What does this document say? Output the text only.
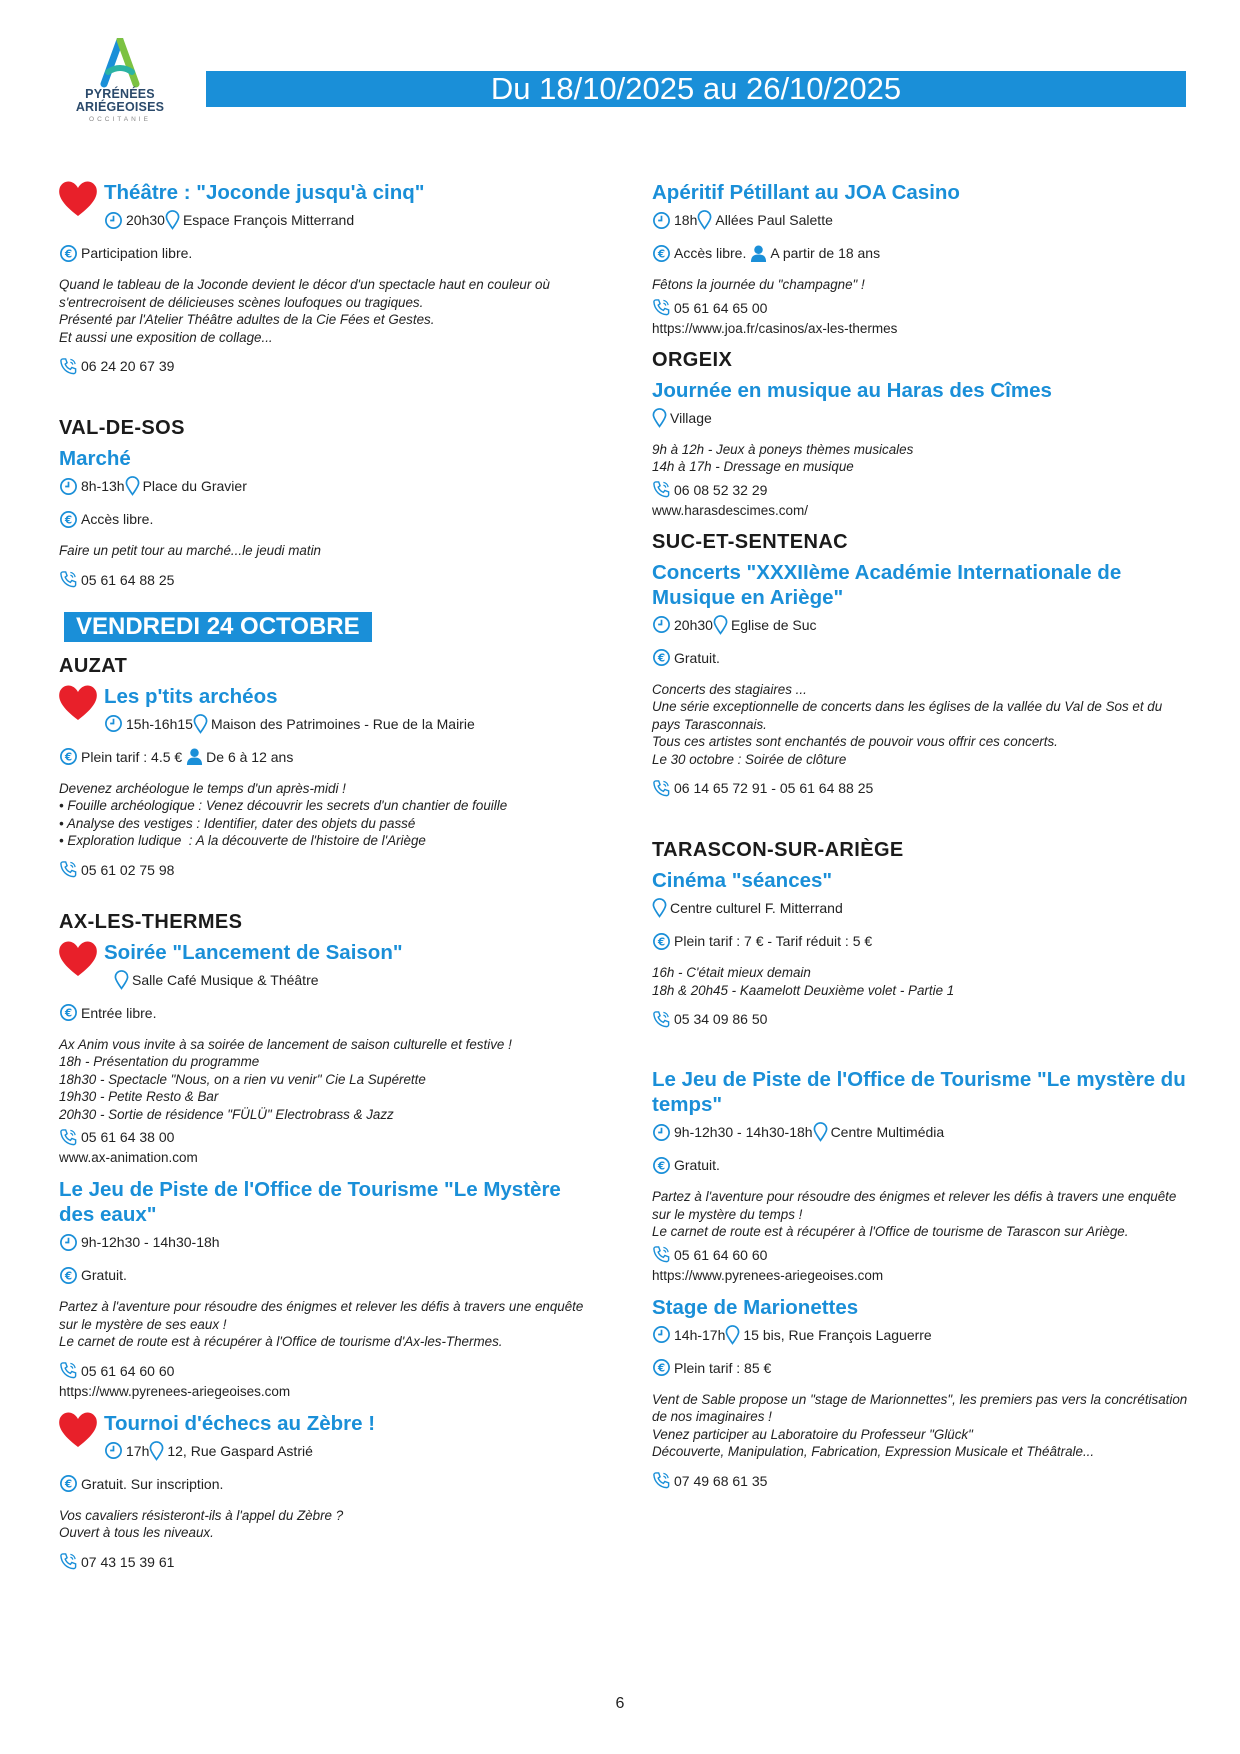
PYRÉNÉES
ARIÉGEOISES
OCCITANIE
Du 18/10/2025 au 26/10/2025
Théâtre : "Joconde jusqu'à cinq"
20h30 Espace François Mitterrand
€ Participation libre.
Quand le tableau de la Joconde devient le décor d'un spectacle haut en couleur où
s'entrecroisent de délicieuses scènes loufoques ou tragiques.
Présenté par l'Atelier Théâtre adultes de la Cie Fées et Gestes.
Et aussi une exposition de collage...
06 24 20 67 39
VAL-DE-SOS
Marché
8h-13h Place du Gravier
€ Accès libre.
Faire un petit tour au marché...le jeudi matin
05 61 64 88 25
VENDREDI 24 OCTOBRE
AUZAT
Les p'tits archéos
15h-16h15 Maison des Patrimoines - Rue de la Mairie
€ Plein tarif : 4.5 € De 6 à 12 ans
Devenez archéologue le temps d'un après-midi !
• Fouille archéologique : Venez découvrir les secrets d'un chantier de fouille
• Analyse des vestiges : Identifier, dater des objets du passé
• Exploration ludique  : A la découverte de l'histoire de l'Ariège
05 61 02 75 98
AX-LES-THERMES
Soirée "Lancement de Saison"
Salle Café Musique & Théâtre
€ Entrée libre.
Ax Anim vous invite à sa soirée de lancement de saison culturelle et festive !
18h - Présentation du programme
18h30 - Spectacle "Nous, on a rien vu venir" Cie La Supérette
19h30 - Petite Resto & Bar
20h30 - Sortie de résidence "FÜLÜ" Electrobrass & Jazz
05 61 64 38 00
www.ax-animation.com
Le Jeu de Piste de l'Office de Tourisme "Le Mystère des eaux"
9h-12h30 - 14h30-18h
€ Gratuit.
Partez à l'aventure pour résoudre des énigmes et relever les défis à travers une enquête
sur le mystère de ses eaux !
Le carnet de route est à récupérer à l'Office de tourisme d'Ax-les-Thermes.
05 61 64 60 60
https://www.pyrenees-ariegeoises.com
Tournoi d'échecs au Zèbre !
17h 12, Rue Gaspard Astrié
€ Gratuit. Sur inscription.
Vos cavaliers résisteront-ils à l'appel du Zèbre ?
Ouvert à tous les niveaux.
07 43 15 39 61
Apéritif Pétillant au JOA Casino
18h Allées Paul Salette
€ Accès libre. A partir de 18 ans
Fêtons la journée du "champagne" !
05 61 64 65 00
https://www.joa.fr/casinos/ax-les-thermes
ORGEIX
Journée en musique au Haras des Cîmes
Village
9h à 12h - Jeux à poneys thèmes musicales
14h à 17h - Dressage en musique
06 08 52 32 29
www.harasdescimes.com/
SUC-ET-SENTENAC
Concerts "XXXIIème Académie Internationale de Musique en Ariège"
20h30 Eglise de Suc
€ Gratuit.
Concerts des stagiaires ...
Une série exceptionnelle de concerts dans les églises de la vallée du Val de Sos et du
pays Tarasconnais.
Tous ces artistes sont enchantés de pouvoir vous offrir ces concerts.
Le 30 octobre : Soirée de clôture
06 14 65 72 91 - 05 61 64 88 25
TARASCON-SUR-ARIÈGE
Cinéma "séances"
Centre culturel F. Mitterrand
€ Plein tarif : 7 € - Tarif réduit : 5 €
16h - C'était mieux demain
18h & 20h45 - Kaamelott Deuxième volet - Partie 1
05 34 09 86 50
Le Jeu de Piste de l'Office de Tourisme "Le mystère du temps"
9h-12h30 - 14h30-18h Centre Multimédia
€ Gratuit.
Partez à l'aventure pour résoudre des énigmes et relever les défis à travers une enquête
sur le mystère du temps !
Le carnet de route est à récupérer à l'Office de tourisme de Tarascon sur Ariège.
05 61 64 60 60
https://www.pyrenees-ariegeoises.com
Stage de Marionettes
14h-17h 15 bis, Rue François Laguerre
€ Plein tarif : 85 €
Vent de Sable propose un "stage de Marionnettes", les premiers pas vers la concrétisation
de nos imaginaires !
Venez participer au Laboratoire du Professeur "Glück"
Découverte, Manipulation, Fabrication, Expression Musicale et Théâtrale...
07 49 68 61 35
6
